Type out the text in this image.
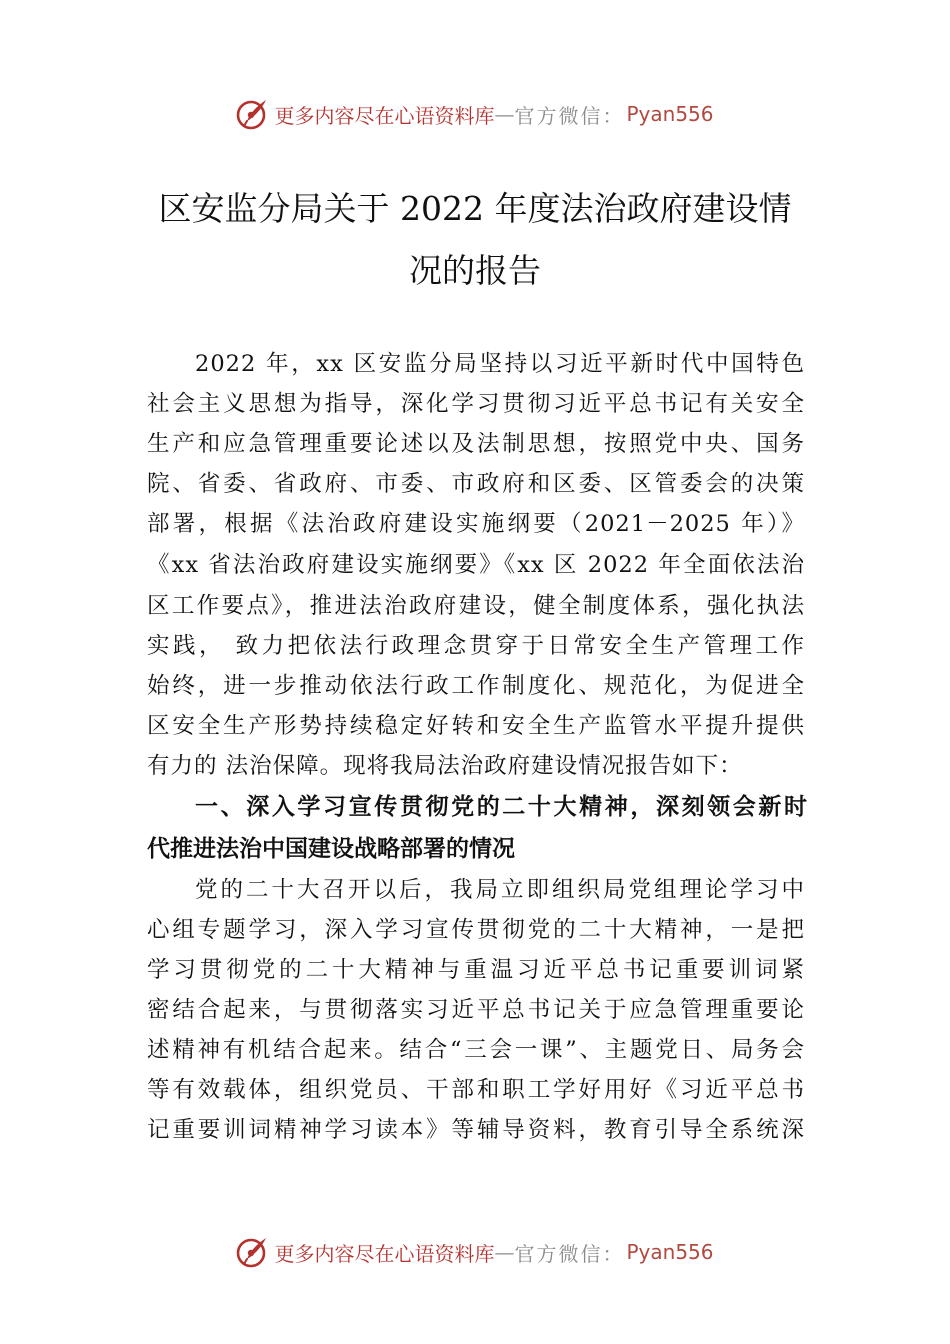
更多内容尽在心语资料库 — 官方微信： Pyan556
区安监分局关于 2022 年度法治政府建设情
况的报告
2022 年，xx 区安监分局坚持以习近平新时代中国特色
社会主义思想为指导，深化学习贯彻习近平总书记有关安全
生产和应急管理重要论述以及法制思想，按照党中央、国务
院、省委、省政府、市委、市政府和区委、区管委会的决策
部署，根据《法治政府建设实施纲要（2021－2025 年）》
《xx 省法治政府建设实施纲要》《xx 区 2022 年全面依法治
区工作要点》，推进法治政府建设，健全制度体系，强化执法
实践， 致力把依法行政理念贯穿于日常安全生产管理工作
始终，进一步推动依法行政工作制度化、规范化，为促进全
区安全生产形势持续稳定好转和安全生产监管水平提升提供
有力的 法治保障。现将我局法治政府建设情况报告如下：
一、深入学习宣传贯彻党的二十大精神，深刻领会新时
代推进法治中国建设战略部署的情况
党的二十大召开以后，我局立即组织局党组理论学习中
心组专题学习，深入学习宣传贯彻党的二十大精神，一是把
学习贯彻党的二十大精神与重温习近平总书记重要训词紧
密结合起来，与贯彻落实习近平总书记关于应急管理重要论
述精神有机结合起来。结合“三会一课”、主题党日、局务会
等有效载体，组织党员、干部和职工学好用好《习近平总书
记重要训词精神学习读本》等辅导资料，教育引导全系统深
更多内容尽在心语资料库 — 官方微信： Pyan556
